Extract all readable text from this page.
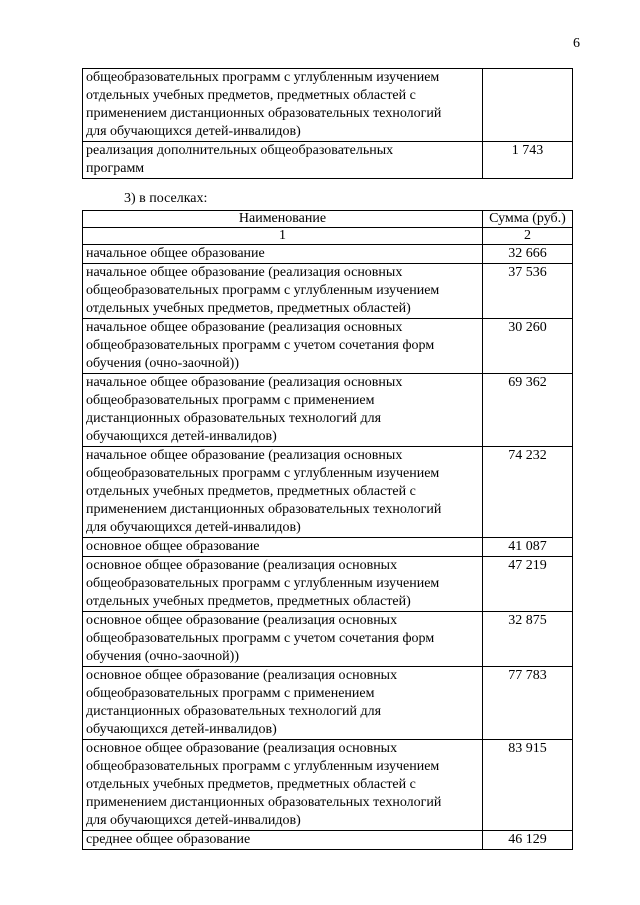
6
общеобразовательных программ с углубленным изучением
отдельных учебных предметов, предметных областей с
применением дистанционных образовательных технологий
для обучающихся детей-инвалидов)	

реализация дополнительных общеобразовательных
программ	1 743
3) в поселках:
Наименование	Сумма (руб.)
1	2

начальное общее образование	32 666

начальное общее образование (реализация основных
общеобразовательных программ с углубленным изучением
отдельных учебных предметов, предметных областей)	37 536

начальное общее образование (реализация основных
общеобразовательных программ с учетом сочетания форм
обучения (очно-заочной))	30 260

начальное общее образование (реализация основных
общеобразовательных программ с применением
дистанционных образовательных технологий для
обучающихся детей-инвалидов)	69 362

начальное общее образование (реализация основных
общеобразовательных программ с углубленным изучением
отдельных учебных предметов, предметных областей с
применением дистанционных образовательных технологий
для обучающихся детей-инвалидов)	74 232

основное общее образование	41 087

основное общее образование (реализация основных
общеобразовательных программ с углубленным изучением
отдельных учебных предметов, предметных областей)	47 219

основное общее образование (реализация основных
общеобразовательных программ с учетом сочетания форм
обучения (очно-заочной))	32 875

основное общее образование (реализация основных
общеобразовательных программ с применением
дистанционных образовательных технологий для
обучающихся детей-инвалидов)	77 783

основное общее образование (реализация основных
общеобразовательных программ с углубленным изучением
отдельных учебных предметов, предметных областей с
применением дистанционных образовательных технологий
для обучающихся детей-инвалидов)	83 915

среднее общее образование	46 129
